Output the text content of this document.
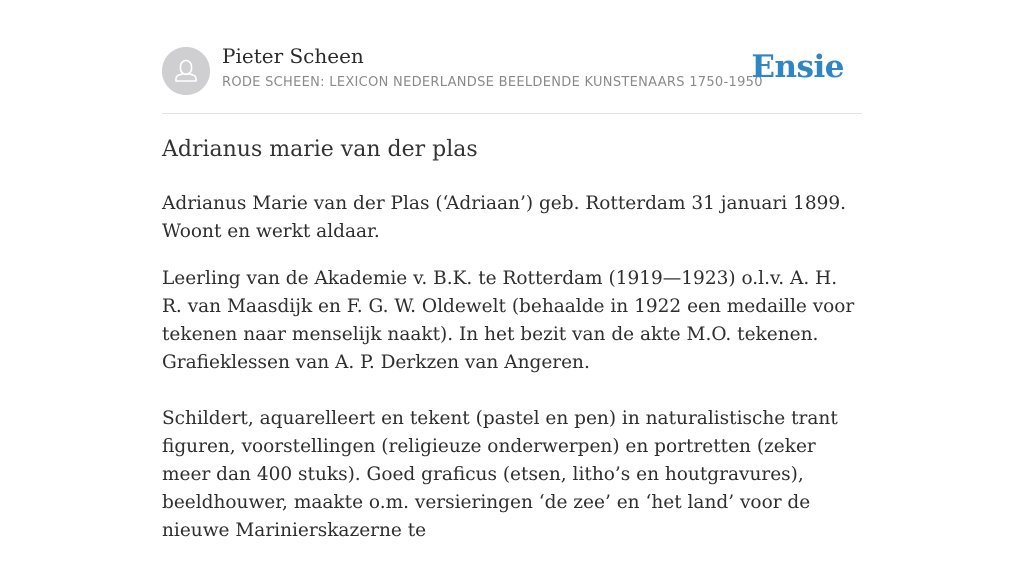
Pieter Scheen
RODE SCHEEN: LEXICON NEDERLANDSE BEELDENDE KUNSTENAARS 1750-1950
Ensie
Adrianus marie van der plas

Adrianus Marie van der Plas (‘Adriaan’) geb. Rotterdam 31 januari 1899. Woont en werkt aldaar.

Leerling van de Akademie v. B.K. te Rotterdam (1919—1923) o.l.v. A. H. R. van Maasdijk en F. G. W. Oldewelt (behaalde in 1922 een medaille voor tekenen naar menselijk naakt). In het bezit van de akte M.O. tekenen. Grafieklessen van A. P. Derkzen van Angeren.

Schildert, aquarelleert en tekent (pastel en pen) in naturalistische trant figuren, voorstellingen (religieuze onderwerpen) en portretten (zeker meer dan 400 stuks). Goed graficus (etsen, litho’s en houtgravures), beeldhouwer, maakte o.m. versieringen ‘de zee’ en ‘het land’ voor de nieuwe Marinierskazerne te
